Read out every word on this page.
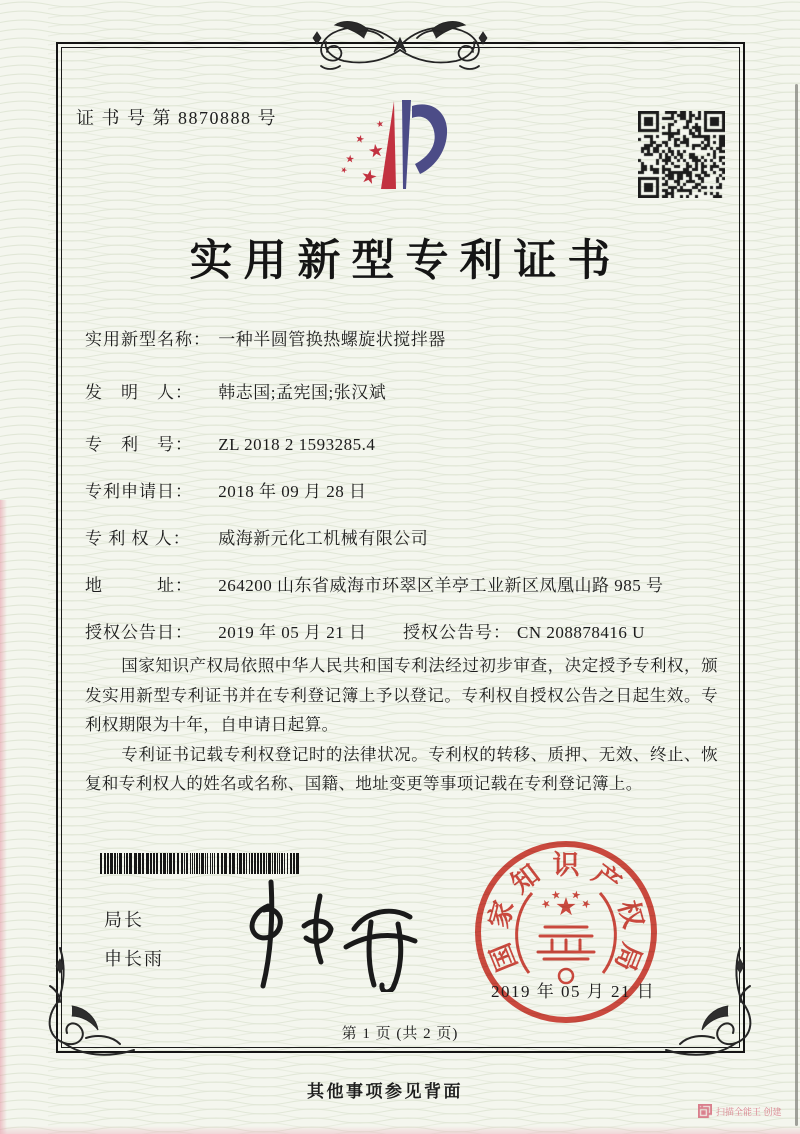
证 书 号 第 8870888 号
实用新型专利证书
实用新型名称： 一种半圆管换热螺旋状搅拌器
发　明　人： 韩志国;孟宪国;张汉斌
专　利　号： ZL 2018 2 1593285.4
专利申请日： 2018 年 09 月 28 日
专 利 权 人： 威海新元化工机械有限公司
地　　　址： 264200 山东省威海市环翠区羊亭工业新区凤凰山路 985 号
授权公告日： 2019 年 05 月 21 日 授权公告号： CN 208878416 U

国家知识产权局依照中华人民共和国专利法经过初步审查，决定授予专利权，颁发实用新型专利证书并在专利登记簿上予以登记。专利权自授权公告之日起生效。专利权期限为十年，自申请日起算。

专利证书记载专利权登记时的法律状况。专利权的转移、质押、无效、终止、恢复和专利权人的姓名或名称、国籍、地址变更等事项记载在专利登记簿上。

局长
申长雨	国
家
知 识 产
权
局
2019 年 05 月 21 日
第 1 页 (共 2 页)
其他事项参见背面
扫描全能王 创建
